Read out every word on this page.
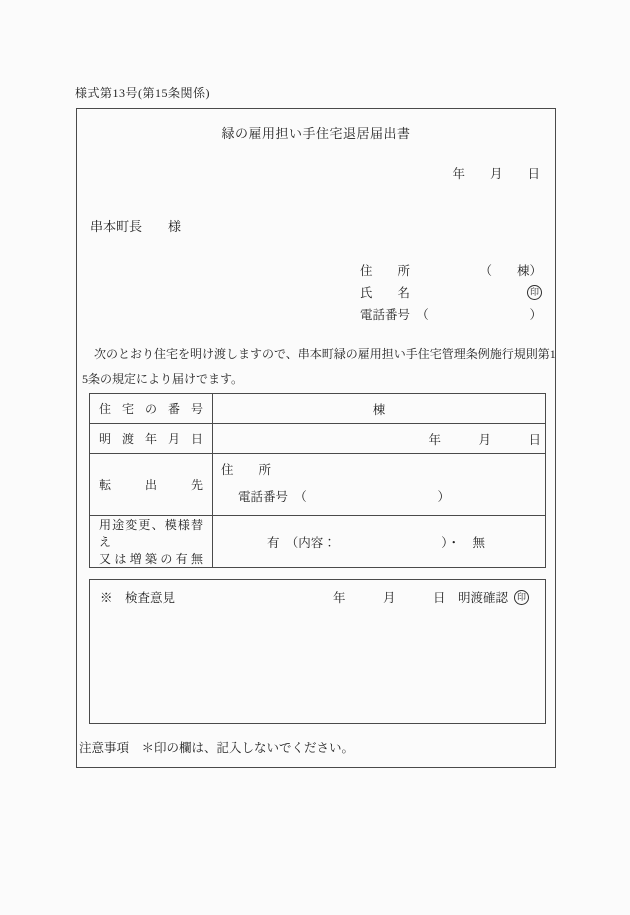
様式第13号(第15条関係)
緑の雇用担い手住宅退居届出書
年　　月　　日
串本町長　　様
住　　所	（　　棟）
氏　　名	印
電話番号　（	）
次のとおり住宅を明け渡しますので、串本町緑の雇用担い手住宅管理条例施行規則第15条の規定により届けでます。
住宅の番号	棟

明渡年月日	年　　　月　　　日

転出先	住　　所
電話番号　（ ）

用途変更、模様替え
又は増築の有無

有　（内容：	）・　無
※　検査意見	年　　　月　　　日　明渡確認 印
注意事項　＊印の欄は、記入しないでください。
